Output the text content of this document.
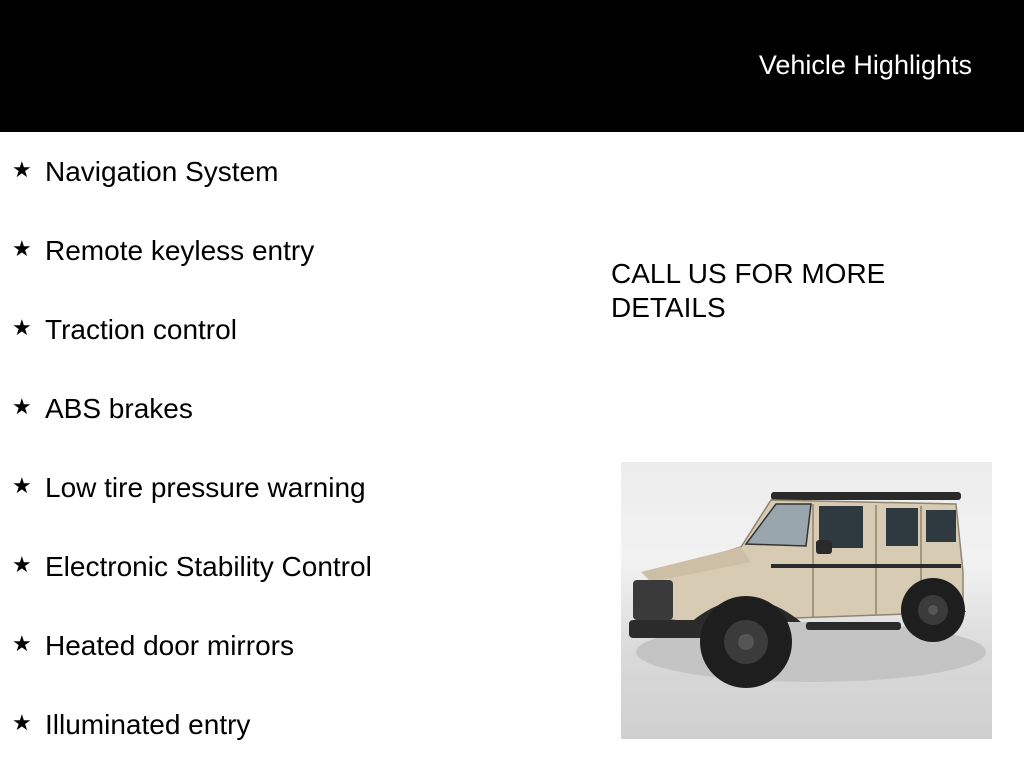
Vehicle Highlights
★ Navigation System
★ Remote keyless entry
★ Traction control
★ ABS brakes
★ Low tire pressure warning
★ Electronic Stability Control
★ Heated door mirrors
★ Illuminated entry
CALL US FOR MORE DETAILS
